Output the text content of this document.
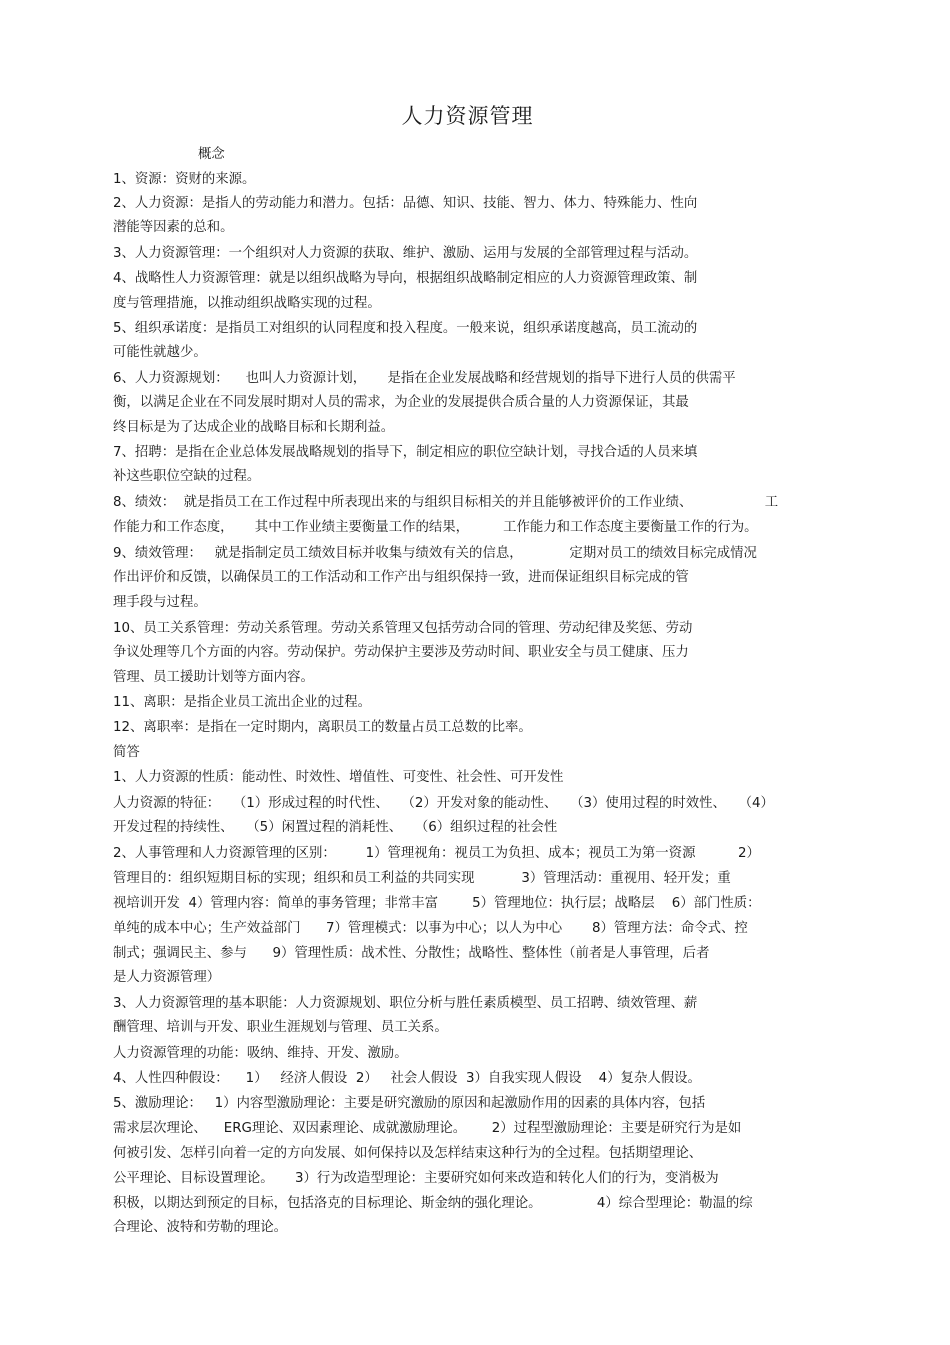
人力资源管理
概念
1、资源：资财的来源。
2、人力资源：是指人的劳动能力和潜力。包括：品德、知识、技能、智力、体力、特殊能力、性向
潜能等因素的总和。
3、人力资源管理：一个组织对人力资源的获取、维护、激励、运用与发展的全部管理过程与活动。
4、战略性人力资源管理：就是以组织战略为导向，根据组织战略制定相应的人力资源管理政策、制
度与管理措施，以推动组织战略实现的过程。
5、组织承诺度：是指员工对组织的认同程度和投入程度。一般来说，组织承诺度越高，员工流动的
可能性就越少。
6、人力资源规划：    也叫人力资源计划，     是指在企业发展战略和经营规划的指导下进行人员的供需平
衡，以满足企业在不同发展时期对人员的需求，为企业的发展提供合质合量的人力资源保证，其最
终目标是为了达成企业的战略目标和长期利益。
7、招聘：是指在企业总体发展战略规划的指导下，制定相应的职位空缺计划，寻找合适的人员来填
补这些职位空缺的过程。
8、绩效：  就是指员工在工作过程中所表现出来的与组织目标相关的并且能够被评价的工作业绩、                 工
作能力和工作态度，     其中工作业绩主要衡量工作的结果，        工作能力和工作态度主要衡量工作的行为。
9、绩效管理：   就是指制定员工绩效目标并收集与绩效有关的信息，           定期对员工的绩效目标完成情况
作出评价和反馈，以确保员工的工作活动和工作产出与组织保持一致，进而保证组织目标完成的管
理手段与过程。
10、员工关系管理：劳动关系管理。劳动关系管理又包括劳动合同的管理、劳动纪律及奖惩、劳动
争议处理等几个方面的内容。劳动保护。劳动保护主要涉及劳动时间、职业安全与员工健康、压力
管理、员工援助计划等方面内容。
11、离职：是指企业员工流出企业的过程。
12、离职率：是指在一定时期内，离职员工的数量占员工总数的比率。
简答
1、人力资源的性质：能动性、时效性、增值性、可变性、社会性、可开发性
人力资源的特征：   （1）形成过程的时代性、   （2）开发对象的能动性、   （3）使用过程的时效性、   （4）
开发过程的持续性、   （5）闲置过程的消耗性、   （6）组织过程的社会性
2、人事管理和人力资源管理的区别：       1）管理视角：视员工为负担、成本；视员工为第一资源          2）
管理目的：组织短期目标的实现；组织和员工利益的共同实现           3）管理活动：重视用、轻开发；重
视培训开发  4）管理内容：简单的事务管理；非常丰富        5）管理地位：执行层；战略层    6）部门性质：
单纯的成本中心；生产效益部门      7）管理模式：以事为中心；以人为中心       8）管理方法：命令式、控
制式；强调民主、参与      9）管理性质：战术性、分散性；战略性、整体性（前者是人事管理，后者
是人力资源管理）
3、人力资源管理的基本职能：人力资源规划、职位分析与胜任素质模型、员工招聘、绩效管理、薪
酬管理、培训与开发、职业生涯规划与管理、员工关系。
人力资源管理的功能：吸纳、维持、开发、激励。
4、人性四种假设：    1）   经济人假设  2）   社会人假设  3）自我实现人假设    4）复杂人假设。
5、激励理论：   1）内容型激励理论：主要是研究激励的原因和起激励作用的因素的具体内容，包括
需求层次理论、    ERG理论、双因素理论、成就激励理论。      2）过程型激励理论：主要是研究行为是如
何被引发、怎样引向着一定的方向发展、如何保持以及怎样结束这种行为的全过程。包括期望理论、
公平理论、目标设置理论。     3）行为改造型理论：主要研究如何来改造和转化人们的行为，变消极为
积极，以期达到预定的目标，包括洛克的目标理论、斯金纳的强化理论。             4）综合型理论：勒温的综
合理论、波特和劳勒的理论。
